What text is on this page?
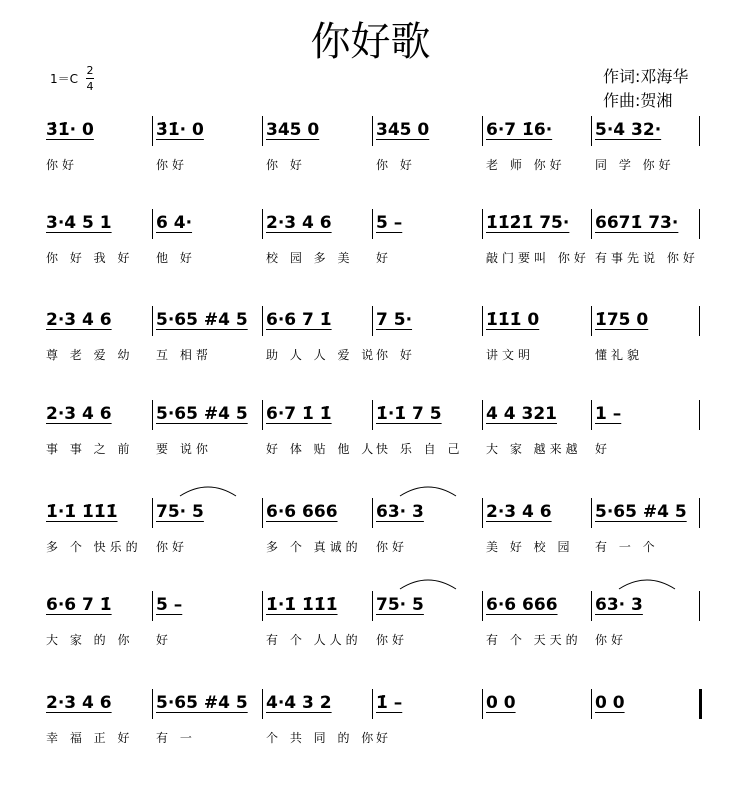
你好歌
$1=C \frac{2}{4}$	作词:邓海华
作曲:贺湘
3̇1̇· 0
你好
3̇1̇· 0
你好
345 0
你 好
345 0
你 好
6·7 1̇6·
老 师 你好
5·4 32·
同 学 你好
3·4 5 1
你 好 我 好
6 4·
他 好
2·3 4 6
校 园 多 美
5 –
好
1̇1̇2̇1̇ 75·
敲门要叫 你好
6671̇ 73·
有事先说 你好
2·3 4 6
尊 老 爱 幼
5·65 #4 5
互 相帮
6·6 7 1̇
助 人 人 爱 说
7 5·
你 好
1̇1̇1̇ 0
讲文明
1̇75 0
懂礼貌
2·3 4 6
事 事 之 前
5·65 #4 5
要 说你
6·7 1̇ 1̇
好 体 贴 他 人
1̇·1̇ 7 5
快 乐 自 己
4 4 321
大 家 越来越
1 –
好
1̇·1̇ 1̇1̇1̇
多 个 快乐的
75· 5
你好
6·6 666
多 个 真诚的
63· 3
你好
2·3 4 6
美 好 校 园
5·65 #4 5
有 一 个
6·6 7 1̇
大 家 的 你
5 –
好
1̇·1̇ 1̇1̇1̇
有 个 人人的
75· 5
你好
6·6 666
有 个 天天的
63· 3
你好
2·3 4 6
幸 福 正 好
5·65 #4 5
有 一
4·4 3 2
个 共 同 的 你
1̇ –
好
0 0	0 0
